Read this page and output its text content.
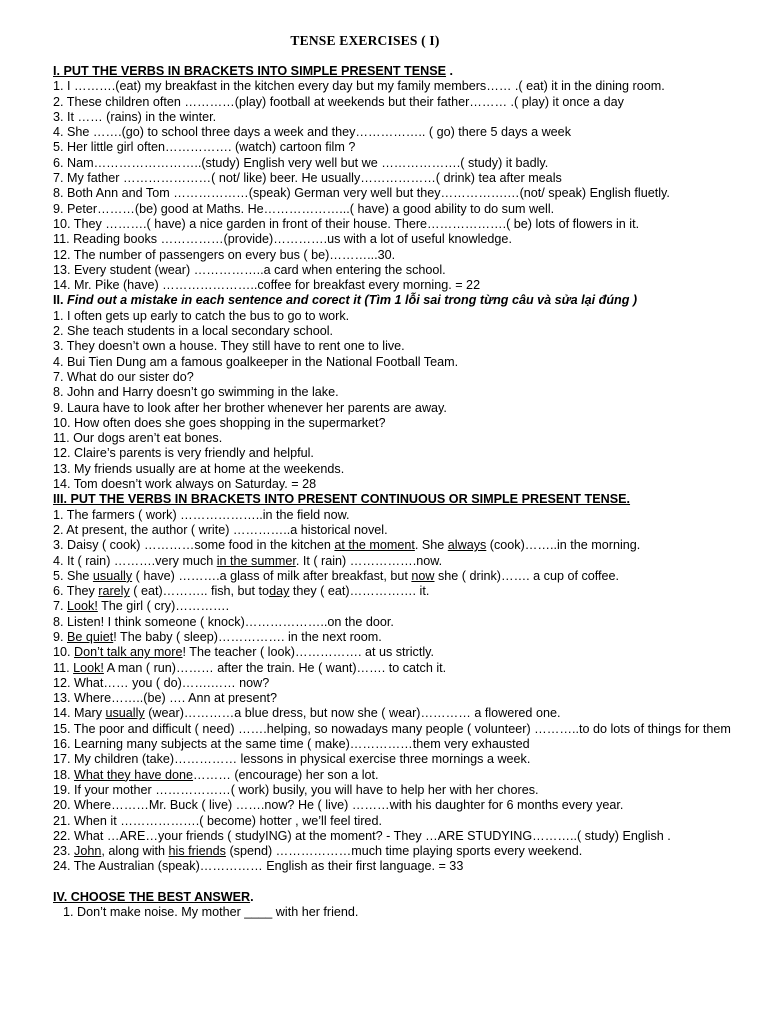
TENSE EXERCISES ( I)
I. PUT THE VERBS IN BRACKETS INTO SIMPLE PRESENT TENSE .
1. I ……….(eat) my breakfast in the kitchen every day but my family members…… .( eat) it in the dining room.
2. These children often …………(play) football at weekends but their father……… .( play) it once a day
3. It …… (rains) in the winter.
4. She …….(go) to school three days a week and they…………….. ( go) there 5 days a week
5. Her little girl often……………. (watch) cartoon film ?
6. Nam……………………..(study) English very well but we ……………….( study) it badly.
7. My father …………………( not/ like) beer. He usually………………( drink) tea after meals
8. Both Ann and Tom ………………(speak) German very well but they…………….…(not/ speak) English fluetly.
9. Peter………(be) good at Maths. He………………...( have) a good ability to do sum well.
10. They ……….( have) a nice garden in front of their house. There……………….( be) lots of flowers in it.
11. Reading books ……………(provide)………….us with a lot of useful knowledge.
12. The number of passengers on every bus ( be)………...30.
13. Every student (wear) ……………..a card when entering the school.
14. Mr. Pike (have) …………………..coffee for breakfast every morning. = 22
II. Find out a mistake in each sentence and corect it (Tìm 1 lỗi sai trong từng câu và sửa lại đúng )
1. I often gets up early to catch the bus to go to work.
2. She teach students in a local secondary school.
3. They doesn’t own a house. They still have to rent one to live.
4. Bui Tien Dung am a famous goalkeeper in the National Football Team.
7. What do our sister do?
8. John and Harry doesn’t go swimming in the lake.
9. Laura have to look after her brother whenever her parents are away.
10. How often does she goes shopping in the supermarket?
11. Our dogs aren’t eat bones.
12. Claire’s parents is very friendly and helpful.
13. My friends usually are at home at the weekends.
14. Tom doesn’t work always on Saturday. = 28
III. PUT THE VERBS IN BRACKETS INTO PRESENT CONTINUOUS OR SIMPLE PRESENT TENSE.
1. The farmers ( work) ………………..in the field now.
2. At present, the author ( write) …………..a historical novel.
3. Daisy ( cook) …………some food in the kitchen at the moment. She always (cook)……..in the morning.
4. It ( rain) ……….very much in the summer. It ( rain) …………….now.
5. She usually ( have) ……….a glass of milk after breakfast, but now she ( drink)……. a cup of coffee.
6. They rarely ( eat)……….. fish, but today they ( eat)……………. it.
7. Look! The girl ( cry)………….
8. Listen! I think someone ( knock)………………..on the door.
9. Be quiet! The baby ( sleep)……………. in the next room.
10. Don’t talk any more! The teacher ( look)……………. at us strictly.
11. Look! A man ( run)……… after the train. He ( want)……. to catch it.
12. What…… you ( do)…….…… now?
13. Where……..(be) …. Ann at present?
14. Mary usually (wear)…………a blue dress, but now she ( wear)………… a flowered one.
15. The poor and difficult ( need) …….helping, so nowadays many people ( volunteer) ………..to do lots of things for them
16. Learning many subjects at the same time ( make)……………them very exhausted
17. My children (take)…………… lessons in physical exercise three mornings a week.
18. What they have done……… (encourage) her son a lot.
19. If your mother ………………( work) busily, you will have to help her with her chores.
20. Where………Mr. Buck ( live) …….now? He ( live) ………with his daughter for 6 months every year.
21. When it ……………….( become) hotter , we’ll feel tired.
22. What …ARE…your friends ( studyING) at the moment? - They …ARE STUDYING………..( study) English .
23. John, along with his friends (spend) ………………much time playing sports every weekend.
24. The Australian (speak)…………… English as their first language. = 33
IV. CHOOSE THE BEST ANSWER.
1. Don’t make noise. My mother ____ with her friend.
